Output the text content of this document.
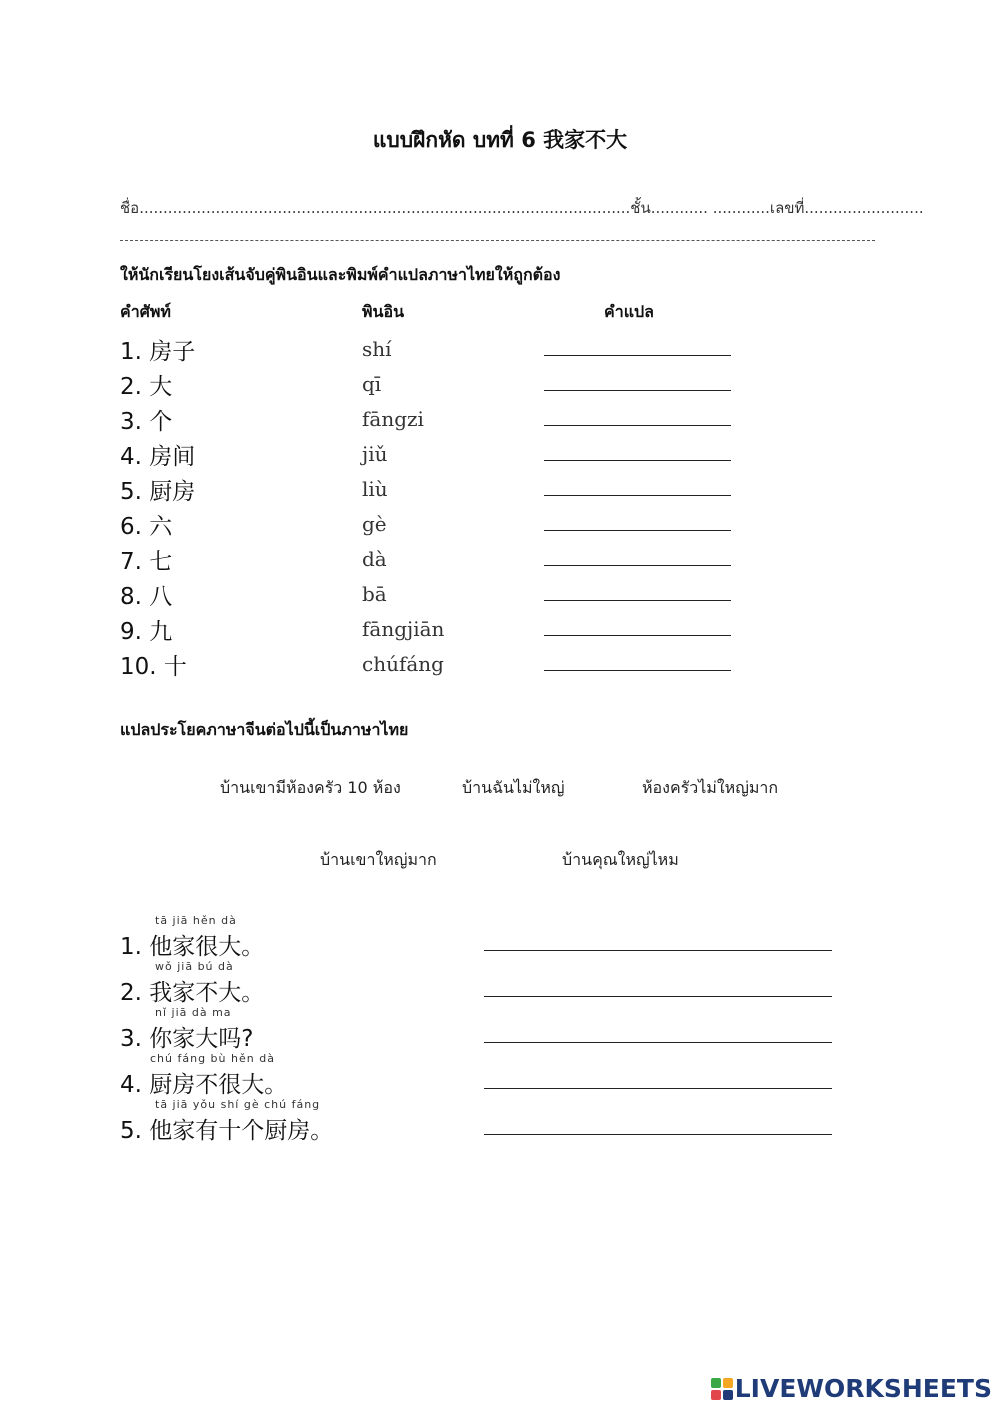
แบบฝึกหัด บทที่ 6 我家不大
ชื่อ.......................................................................................................ชั้น............ ............เลขที่.........................
ให้นักเรียนโยงเส้นจับคู่พินอินและพิมพ์คำแปลภาษาไทยให้ถูกต้อง
คำศัพท์	พินอิน	คำแปล
1. 房子	shí
2. 大	qī
3. 个	fāngzi
4. 房间	jiǔ
5. 厨房	liù
6. 六	gè
7. 七	dà
8. 八	bā
9. 九	fāngjiān
10. 十	chúfáng
แปลประโยคภาษาจีนต่อไปนี้เป็นภาษาไทย
บ้านเขามีห้องครัว 10 ห้อง	บ้านฉันไม่ใหญ่	ห้องครัวไม่ใหญ่มาก
บ้านเขาใหญ่มาก	บ้านคุณใหญ่ไหม
tā jiā hěn dà
1. 他家很大。
wǒ jiā bú dà
2. 我家不大。
nǐ jiā dà ma
3. 你家大吗?
chú fáng bù hěn dà
4. 厨房不很大。
tā jiā yǒu shí gè chú fáng
5. 他家有十个厨房。
LIVEWORKSHEETS
